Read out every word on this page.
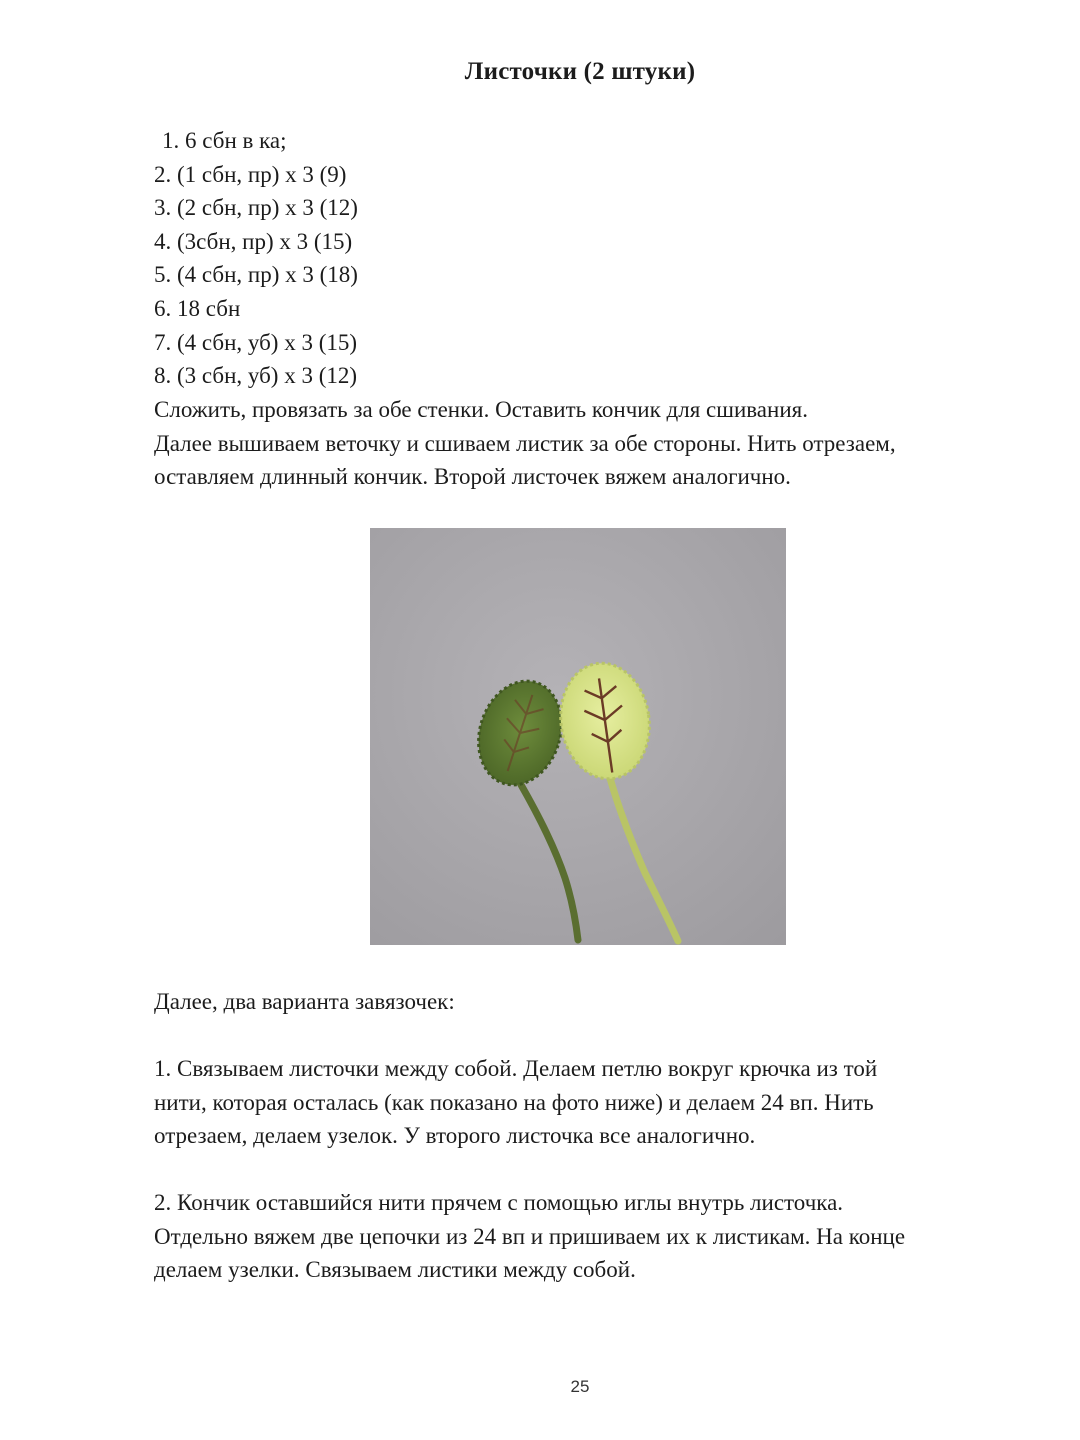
Листочки (2 штуки)
1. 6 сбн в ка;
2. (1 сбн, пр) х 3 (9)
3. (2 сбн, пр) х 3 (12)
4. (3сбн, пр) х 3 (15)
5. (4 сбн, пр) х 3 (18)
6. 18 сбн
7. (4 сбн, уб) х 3 (15)
8. (3 сбн, уб) х 3 (12)
Сложить, провязать за обе стенки. Оставить кончик для сшивания.
Далее вышиваем веточку и сшиваем листик за обе стороны. Нить отрезаем,
оставляем длинный кончик. Второй листочек вяжем аналогично.
Далее, два варианта завязочек:
1. Связываем листочки между собой. Делаем петлю вокруг крючка из той
нити, которая осталась (как показано на фото ниже) и делаем 24 вп. Нить
отрезаем, делаем узелок. У второго листочка все аналогично.
2. Кончик оставшийся нити прячем с помощью иглы внутрь листочка.
Отдельно вяжем две цепочки из 24 вп и пришиваем их к листикам. На конце
делаем узелки. Связываем листики между собой.
25
